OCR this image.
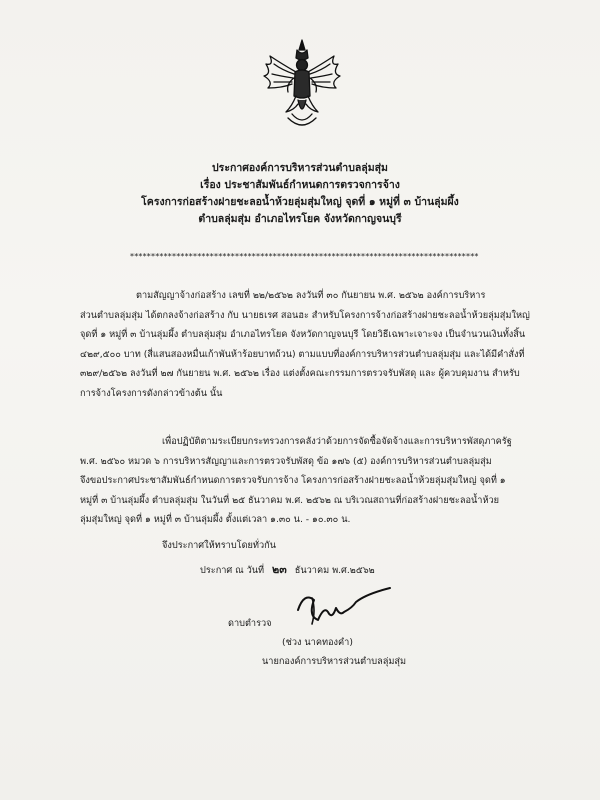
ประกาศองค์การบริหารส่วนตำบลลุ่มสุ่ม
เรื่อง ประชาสัมพันธ์กำหนดการตรวจการจ้าง
โครงการก่อสร้างฝายชะลอน้ำห้วยลุ่มสุ่มใหญ่ จุดที่ ๑ หมู่ที่ ๓ บ้านลุ่มผึ้ง
ตำบลลุ่มสุ่ม อำเภอไทรโยค จังหวัดกาญจนบุรี
***********************************************************************************
ตามสัญญาจ้างก่อสร้าง เลขที่ ๒๒/๒๕๖๒ ลงวันที่ ๓๐ กันยายน พ.ศ. ๒๕๖๒ องค์การบริหาร
ส่วนตำบลลุ่มสุ่ม ได้ตกลงจ้างก่อสร้าง กับ นายธเรศ สอนฮะ สำหรับโครงการจ้างก่อสร้างฝายชะลอน้ำห้วยลุ่มสุ่มใหญ่
จุดที่ ๑ หมู่ที่ ๓ บ้านลุ่มผึ้ง ตำบลลุ่มสุ่ม อำเภอไทรโยค จังหวัดกาญจนบุรี โดยวิธีเฉพาะเจาะจง เป็นจำนวนเงินทั้งสิ้น
๔๒๙,๕๐๐ บาท (สี่แสนสองหมื่นเก้าพันห้าร้อยบาทถ้วน) ตามแบบที่องค์การบริหารส่วนตำบลลุ่มสุ่ม และได้มีคำสั่งที่
๓๒๙/๒๕๖๒ ลงวันที่ ๒๗ กันยายน พ.ศ. ๒๕๖๒ เรื่อง แต่งตั้งคณะกรรมการตรวจรับพัสดุ และ ผู้ควบคุมงาน สำหรับ
การจ้างโครงการดังกล่าวข้างต้น นั้น
เพื่อปฏิบัติตามระเบียบกระทรวงการคลังว่าด้วยการจัดซื้อจัดจ้างและการบริหารพัสดุภาครัฐ
พ.ศ. ๒๕๖๐ หมวด ๖ การบริหารสัญญาและการตรวจรับพัสดุ ข้อ ๑๗๖ (๕) องค์การบริหารส่วนตำบลลุ่มสุ่ม
จึงขอประกาศประชาสัมพันธ์กำหนดการตรวจรับการจ้าง โครงการก่อสร้างฝายชะลอน้ำห้วยลุ่มสุ่มใหญ่ จุดที่ ๑
หมู่ที่ ๓ บ้านลุ่มผึ้ง ตำบลลุ่มสุ่ม ในวันที่ ๒๕ ธันวาคม พ.ศ. ๒๕๖๒ ณ บริเวณสถานที่ก่อสร้างฝายชะลอน้ำห้วย
ลุ่มสุ่มใหญ่ จุดที่ ๑ หมู่ที่ ๓ บ้านลุ่มผึ้ง ตั้งแต่เวลา ๑.๓๐ น. - ๑๐.๓๐ น.
จึงประกาศให้ทราบโดยทั่วกัน
ประกาศ ณ วันที่ ๒๓ ธันวาคม พ.ศ.๒๕๖๒
ดาบตำรวจ
(ช่วง นาคทองคำ)
นายกองค์การบริหารส่วนตำบลลุ่มสุ่ม
